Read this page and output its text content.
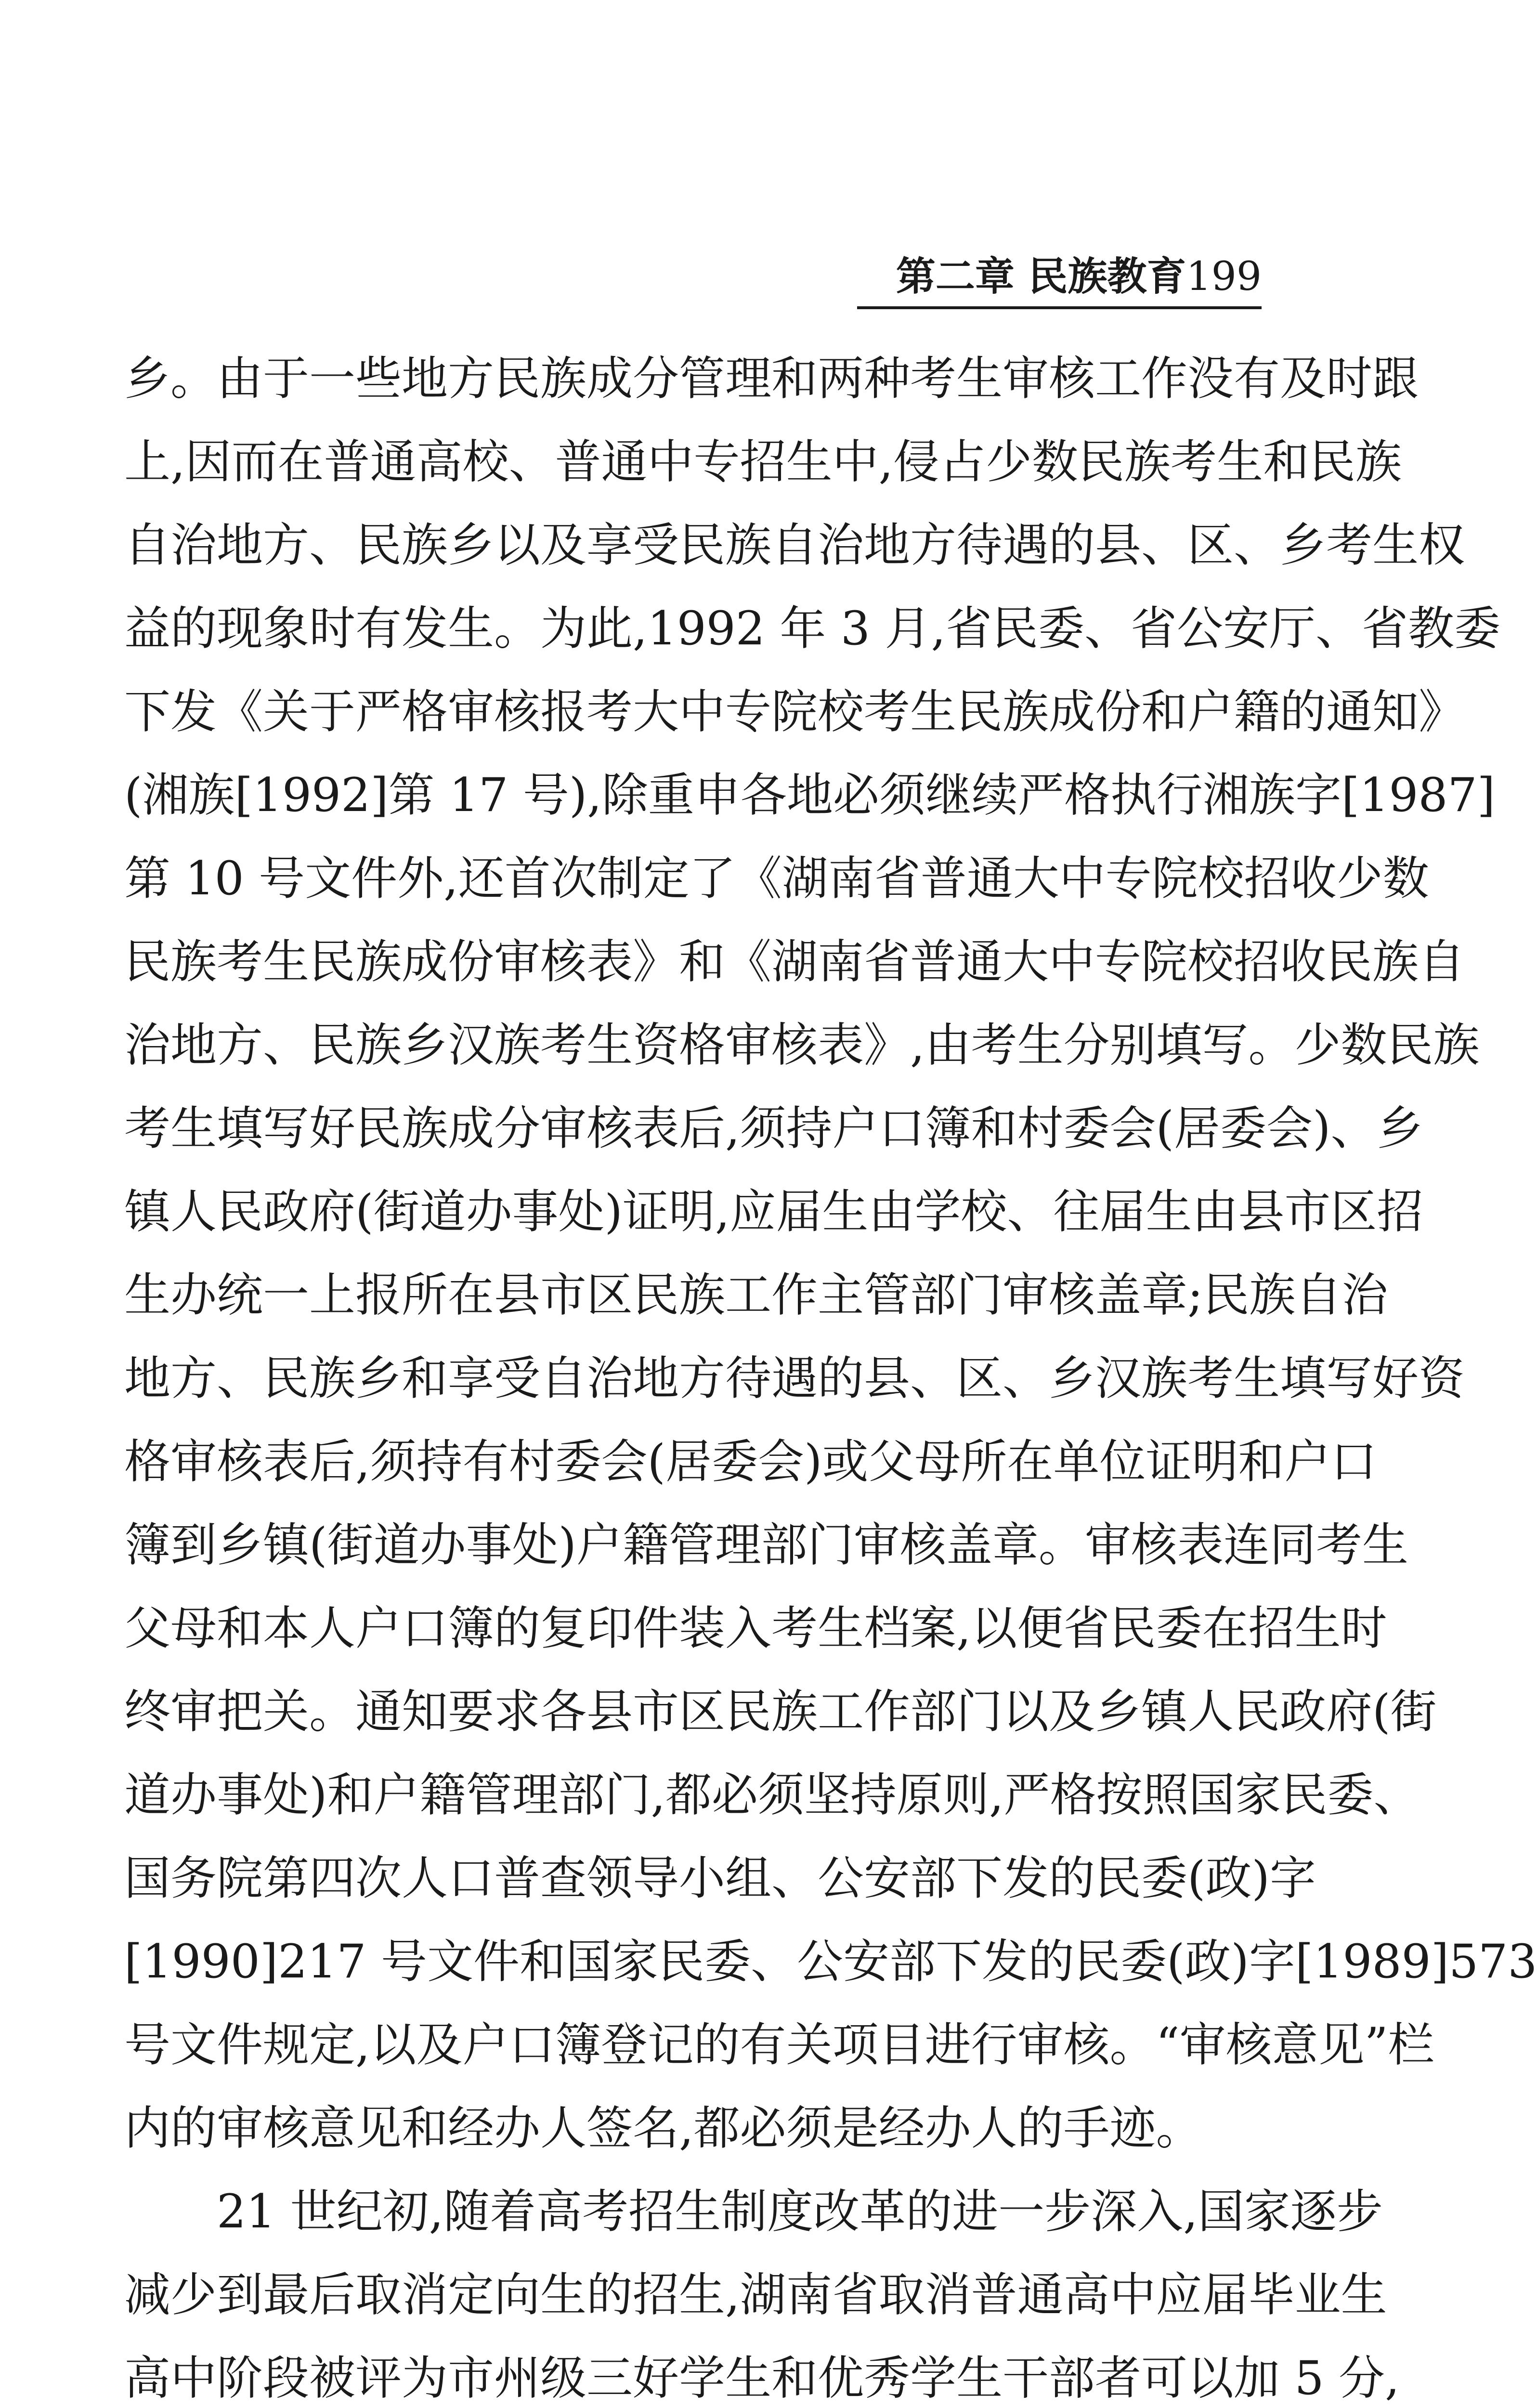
第二章 民族教育199
乡。由于一些地方民族成分管理和两种考生审核工作没有及时跟
上,因而在普通高校、普通中专招生中,侵占少数民族考生和民族
自治地方、民族乡以及享受民族自治地方待遇的县、区、乡考生权
益的现象时有发生。为此,1992 年 3 月,省民委、省公安厅、省教委
下发《关于严格审核报考大中专院校考生民族成份和户籍的通知》
(湘族[1992]第 17 号),除重申各地必须继续严格执行湘族字[1987]
第 10 号文件外,还首次制定了《湖南省普通大中专院校招收少数
民族考生民族成份审核表》和《湖南省普通大中专院校招收民族自
治地方、民族乡汉族考生资格审核表》,由考生分别填写。少数民族
考生填写好民族成分审核表后,须持户口簿和村委会(居委会)、乡
镇人民政府(街道办事处)证明,应届生由学校、往届生由县市区招
生办统一上报所在县市区民族工作主管部门审核盖章;民族自治
地方、民族乡和享受自治地方待遇的县、区、乡汉族考生填写好资
格审核表后,须持有村委会(居委会)或父母所在单位证明和户口
簿到乡镇(街道办事处)户籍管理部门审核盖章。审核表连同考生
父母和本人户口簿的复印件装入考生档案,以便省民委在招生时
终审把关。通知要求各县市区民族工作部门以及乡镇人民政府(街
道办事处)和户籍管理部门,都必须坚持原则,严格按照国家民委、
国务院第四次人口普查领导小组、公安部下发的民委(政)字
[1990]217 号文件和国家民委、公安部下发的民委(政)字[1989]573
号文件规定,以及户口簿登记的有关项目进行审核。“审核意见”栏
内的审核意见和经办人签名,都必须是经办人的手迹。
21 世纪初,随着高考招生制度改革的进一步深入,国家逐步
减少到最后取消定向生的招生,湖南省取消普通高中应届毕业生
高中阶段被评为市州级三好学生和优秀学生干部者可以加 5 分,
